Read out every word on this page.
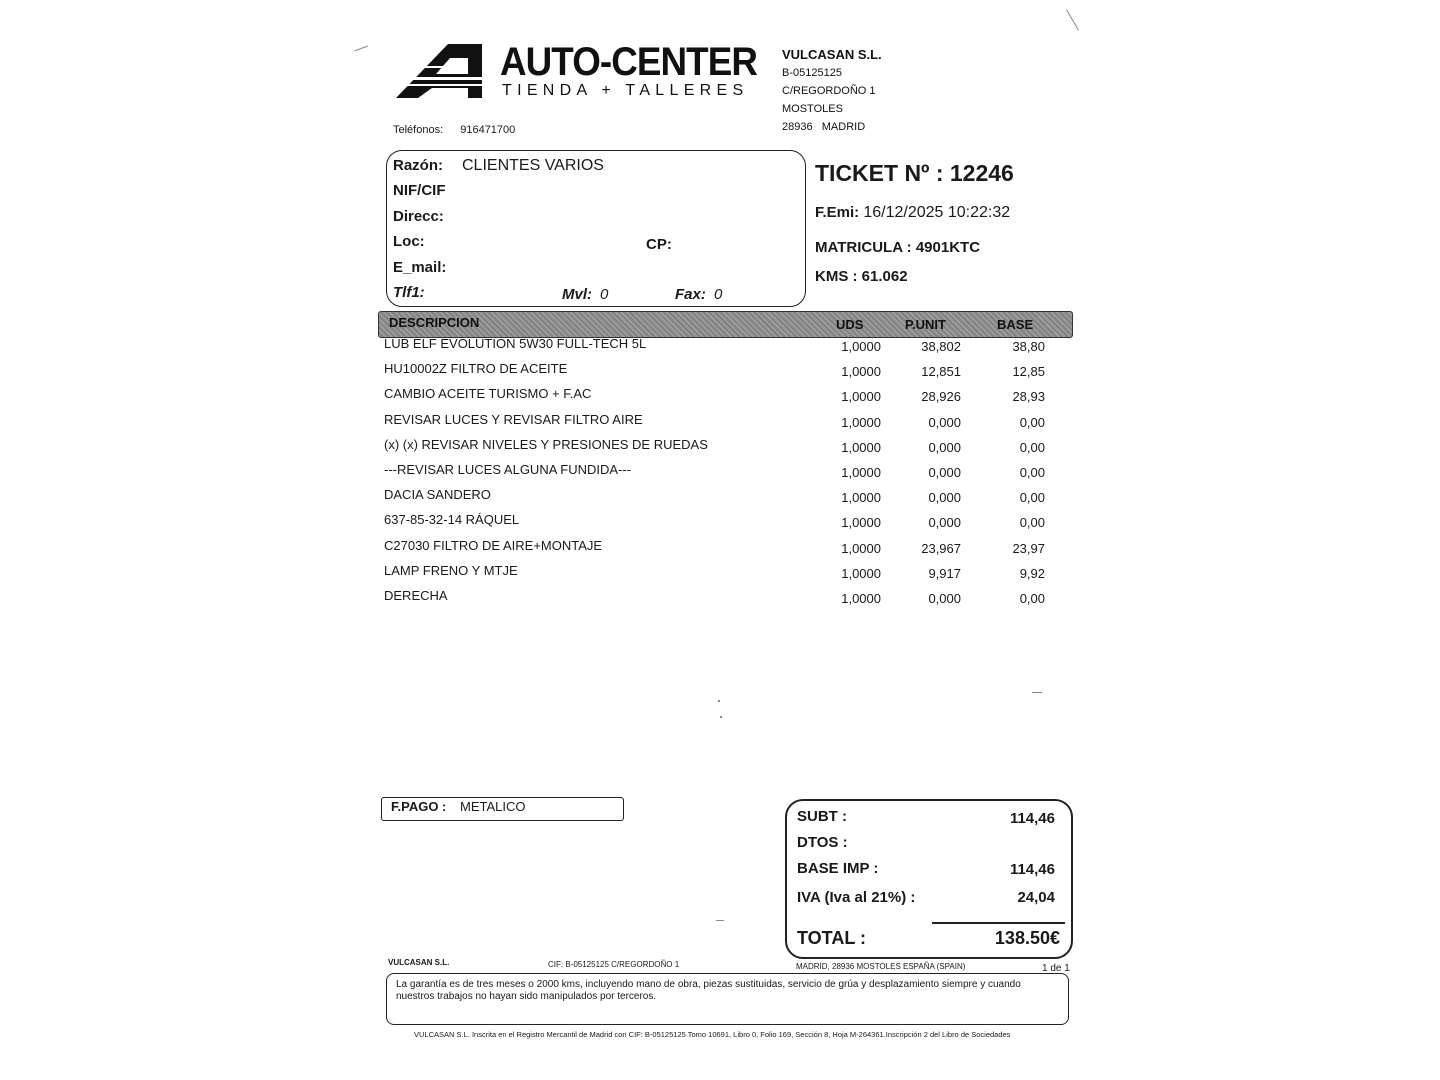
AUTO-CENTER
TIENDA + TALLERES
VULCASAN S.L.
B-05125125
C/REGORDOÑO 1
MOSTOLES
28936 MADRID
Teléfonos: 916471700
Razón: CLIENTES VARIOS
NIF/CIF
Direcc:
Loc:	CP:
E_mail:
Tlf1:	Mvl: 0	Fax: 0
TICKET Nº : 12246
F.Emi: 16/12/2025 10:22:32
MATRICULA : 4901KTC
KMS : 61.062
DESCRIPCION	UDS	P.UNIT	BASE
LUB ELF EVOLUTION 5W30 FULL-TECH 5L	1,0000	38,802	38,80
HU10002Z FILTRO DE ACEITE	1,0000	12,851	12,85
CAMBIO ACEITE TURISMO + F.AC	1,0000	28,926	28,93
REVISAR LUCES Y REVISAR FILTRO AIRE	1,0000	0,000	0,00
(x) (x) REVISAR NIVELES Y PRESIONES DE RUEDAS	1,0000	0,000	0,00
---REVISAR LUCES ALGUNA FUNDIDA---	1,0000	0,000	0,00
DACIA SANDERO	1,0000	0,000	0,00
637-85-32-14 RÁQUEL	1,0000	0,000	0,00
C27030 FILTRO DE AIRE+MONTAJE	1,0000	23,967	23,97
LAMP FRENO Y MTJE	1,0000	9,917	9,92
DERECHA	1,0000	0,000	0,00
F.PAGO : METALICO
SUBT :	114,46
DTOS :
BASE IMP :	114,46
IVA (Iva al 21%) :	24,04
TOTAL :	138.50€
VULCASAN S.L.	CIF: B-05125125 C/REGORDOÑO 1	MADRID, 28936 MOSTOLES ESPAÑA (SPAIN)	1 de 1
La garantía es de tres meses o 2000 kms, incluyendo mano de obra, piezas sustituidas, servicio de grúa y desplazamiento siempre y cuando nuestros trabajos no hayan sido manipulados por terceros.
VULCASAN S.L. Inscrita en el Registro Mercantil de Madrid con CIF: B-05125125 Tomo 10691, Libro 0, Folio 169, Sección 8, Hoja M-264361.Inscripción 2 del Libro de Sociedades
